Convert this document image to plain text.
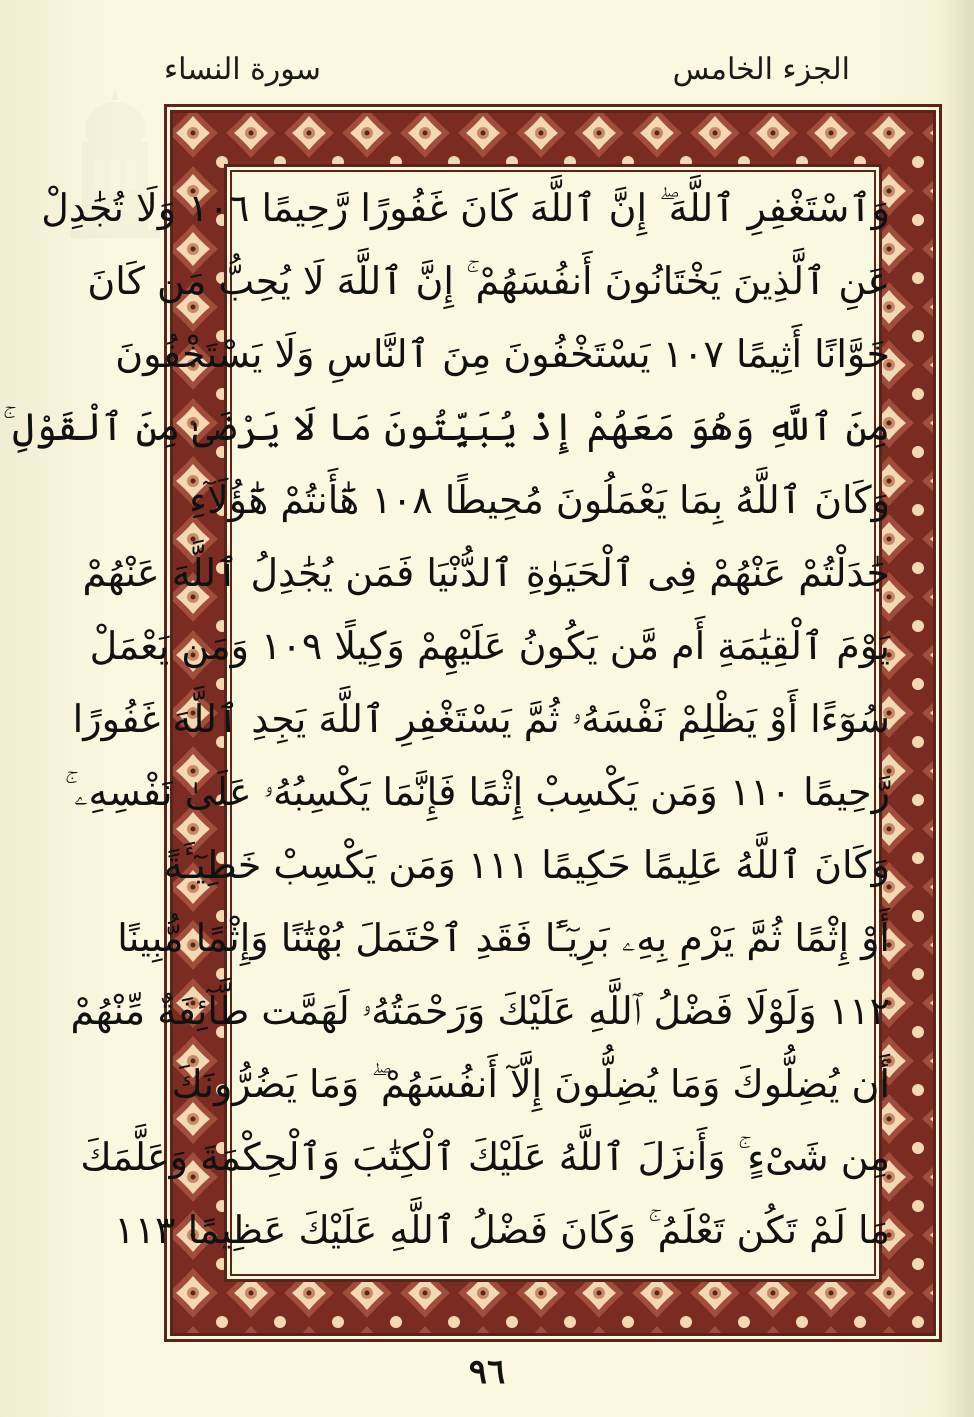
الجزء الخامس
سورة النساء
وَٱسْتَغْفِرِ ٱللَّهَ ۖ إِنَّ ٱللَّهَ كَانَ غَفُورًا رَّحِيمًا ١٠٦ وَلَا تُجَٰدِلْ
عَنِ ٱلَّذِينَ يَخْتَانُونَ أَنفُسَهُمْ ۚ إِنَّ ٱللَّهَ لَا يُحِبُّ مَن كَانَ
خَوَّانًا أَثِيمًا ١٠٧ يَسْتَخْفُونَ مِنَ ٱلنَّاسِ وَلَا يَسْتَخْفُونَ
مِنَ ٱللَّهِ وَهُوَ مَعَهُمْ إِذْ يُبَيِّتُونَ مَا لَا يَرْضَىٰ مِنَ ٱلْقَوْلِ ۚ
وَكَانَ ٱللَّهُ بِمَا يَعْمَلُونَ مُحِيطًا ١٠٨ هَٰٓأَنتُمْ هَٰٓؤُلَآءِ
جَٰدَلْتُمْ عَنْهُمْ فِى ٱلْحَيَوٰةِ ٱلدُّنْيَا فَمَن يُجَٰدِلُ ٱللَّهَ عَنْهُمْ
يَوْمَ ٱلْقِيَٰمَةِ أَم مَّن يَكُونُ عَلَيْهِمْ وَكِيلًا ١٠٩ وَمَن يَعْمَلْ
سُوٓءًا أَوْ يَظْلِمْ نَفْسَهُۥ ثُمَّ يَسْتَغْفِرِ ٱللَّهَ يَجِدِ ٱللَّهَ غَفُورًا
رَّحِيمًا ١١٠ وَمَن يَكْسِبْ إِثْمًا فَإِنَّمَا يَكْسِبُهُۥ عَلَىٰ نَفْسِهِۦ ۚ
وَكَانَ ٱللَّهُ عَلِيمًا حَكِيمًا ١١١ وَمَن يَكْسِبْ خَطِيٓـَٔةً
أَوْ إِثْمًا ثُمَّ يَرْمِ بِهِۦ بَرِيٓـًٔا فَقَدِ ٱحْتَمَلَ بُهْتَٰنًا وَإِثْمًا مُّبِينًا
١١٢ وَلَوْلَا فَضْلُ ٱللَّهِ عَلَيْكَ وَرَحْمَتُهُۥ لَهَمَّت طَّآئِفَةٌ مِّنْهُمْ
أَن يُضِلُّوكَ وَمَا يُضِلُّونَ إِلَّآ أَنفُسَهُمْ ۖ وَمَا يَضُرُّونَكَ
مِن شَىْءٍ ۚ وَأَنزَلَ ٱللَّهُ عَلَيْكَ ٱلْكِتَٰبَ وَٱلْحِكْمَةَ وَعَلَّمَكَ
مَا لَمْ تَكُن تَعْلَمُ ۚ وَكَانَ فَضْلُ ٱللَّهِ عَلَيْكَ عَظِيمًا ١١٣
٩٦
